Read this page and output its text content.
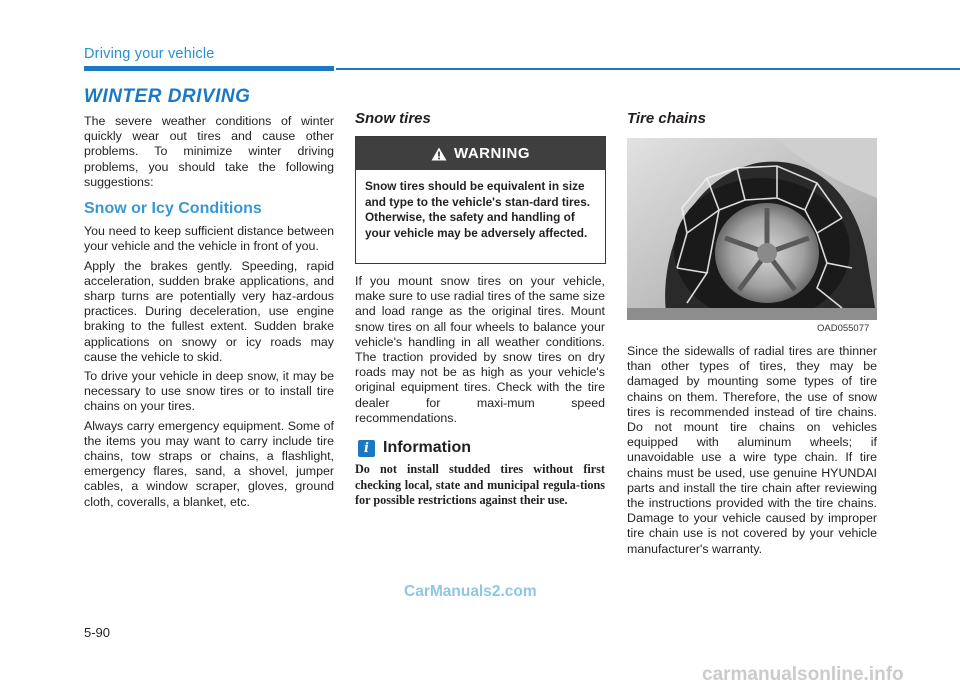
Driving your vehicle
WINTER DRIVING

The severe weather conditions of winter quickly wear out tires and cause other problems. To minimize winter driving problems, you should take the following suggestions:

Snow or Icy Conditions

You need to keep sufficient distance between your vehicle and the vehicle in front of you.

Apply the brakes gently. Speeding, rapid acceleration, sudden brake applications, and sharp turns are potentially very haz-ardous practices. During deceleration, use engine braking to the fullest extent. Sudden brake applications on snowy or icy roads may cause the vehicle to skid.

To drive your vehicle in deep snow, it may be necessary to use snow tires or to install tire chains on your tires.

Always carry emergency equipment. Some of the items you may want to carry include tire chains, tow straps or chains, a flashlight, emergency flares, sand, a shovel, jumper cables, a window scraper, gloves, ground cloth, coveralls, a blanket, etc.

Snow tires
WARNING
Snow tires should be equivalent in size and type to the vehicle's stan-dard tires. Otherwise, the safety and handling of your vehicle may be adversely affected.

If you mount snow tires on your vehicle, make sure to use radial tires of the same size and load range as the original tires. Mount snow tires on all four wheels to balance your vehicle's handling in all weather conditions. The traction provided by snow tires on dry roads may not be as high as your vehicle's original equipment tires. Check with the tire dealer for maxi-mum speed recommendations.

i Information
Do not install studded tires without first checking local, state and municipal regula-tions for possible restrictions against their use.
Tire chains
OAD055077

Since the sidewalls of radial tires are thinner than other types of tires, they may be damaged by mounting some types of tire chains on them. Therefore, the use of snow tires is recommended instead of tire chains. Do not mount tire chains on vehicles equipped with aluminum wheels; if unavoidable use a wire type chain. If tire chains must be used, use genuine HYUNDAI parts and install the tire chain after reviewing the instructions provided with the tire chains. Damage to your vehicle caused by improper tire chain use is not covered by your vehicle manufacturer's warranty.

5-90
CarManuals2.com
carmanualsonline.info
